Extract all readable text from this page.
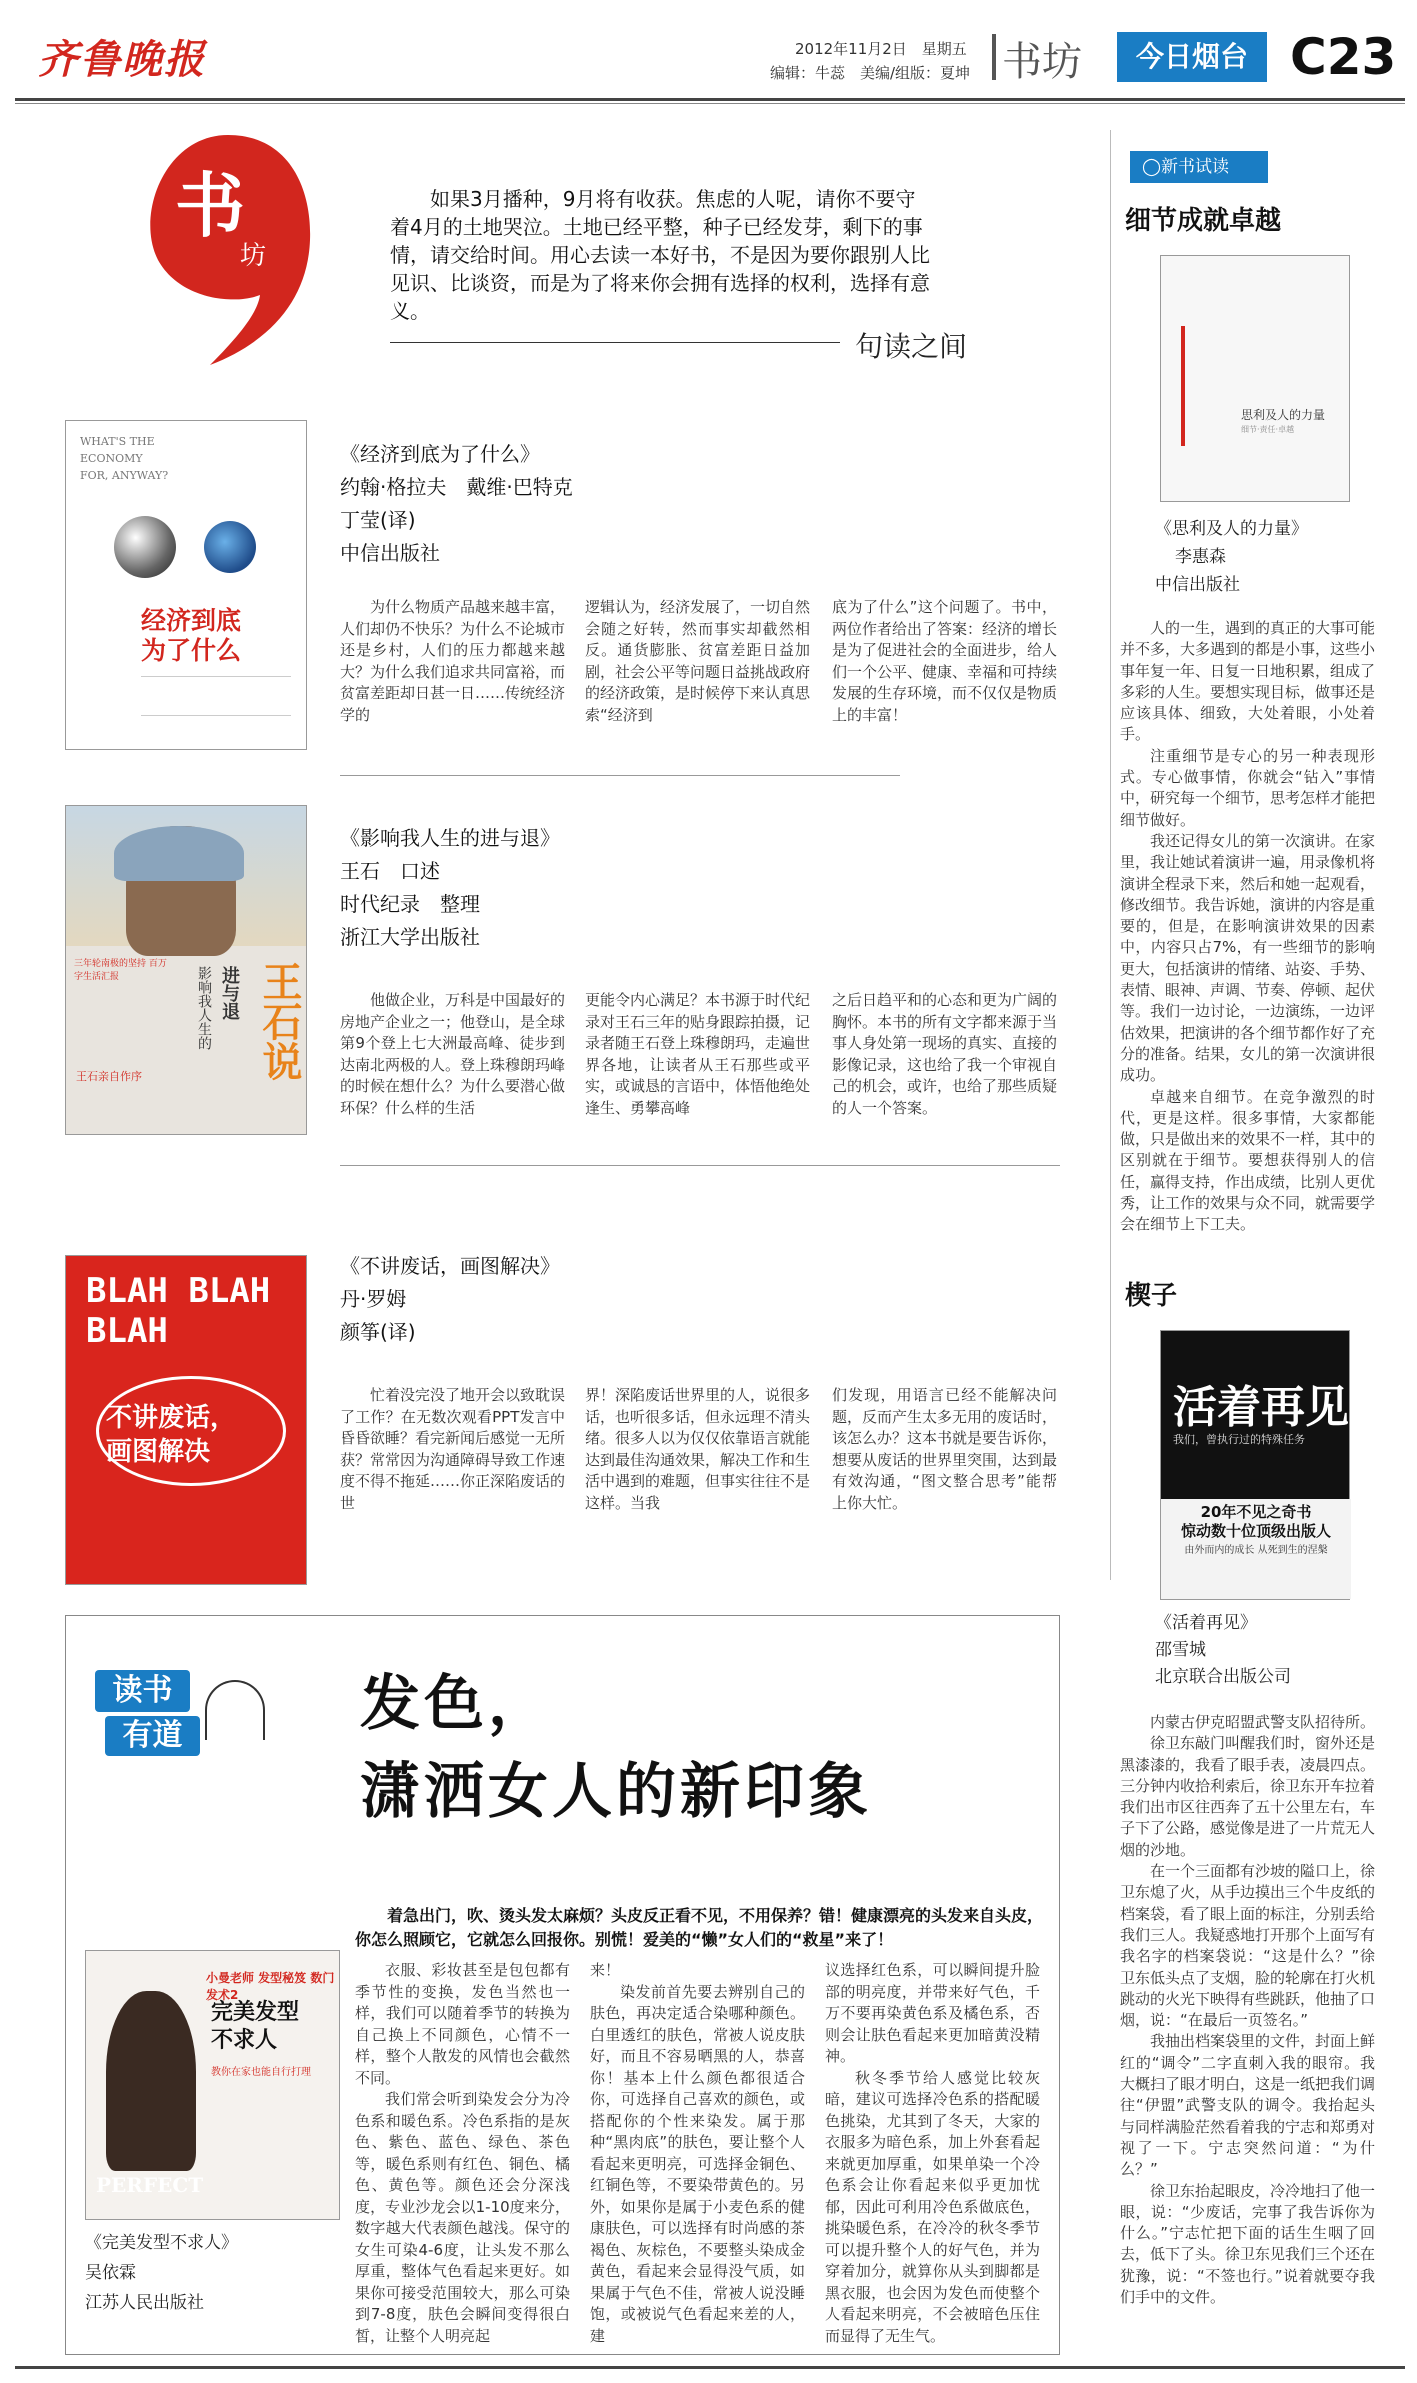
齐鲁晚报	2012年11月2日　星期五
编辑：牛蕊　美编/组版：夏坤 书坊	今日烟台 C23
书
坊
如果3月播种，9月将有收获。焦虑的人呢，请你不要守着4月的土地哭泣。土地已经平整，种子已经发芽，剩下的事情，请交给时间。用心去读一本好书，不是因为要你跟别人比见识、比谈资，而是为了将来你会拥有选择的权利，选择有意义。
句读之间
WHAT'S THE
ECONOMY
FOR, ANYWAY?
经济到底
为了什么
《经济到底为了什么》
约翰·格拉夫　戴维·巴特克
丁莹(译)
中信出版社
为什么物质产品越来越丰富，人们却仍不快乐？为什么不论城市还是乡村，人们的压力都越来越大？为什么我们追求共同富裕，而贫富差距却日甚一日……传统经济学的
逻辑认为，经济发展了，一切自然会随之好转，然而事实却截然相反。通货膨胀、贫富差距日益加剧，社会公平等问题日益挑战政府的经济政策，是时候停下来认真思索“经济到
底为了什么”这个问题了。书中，两位作者给出了答案：经济的增长是为了促进社会的全面进步，给人们一个公平、健康、幸福和可持续发展的生存环境，而不仅仅是物质上的丰富！
三年轮南极的坚持 百万字生活汇报	进与退
影响我人生的 王石说
王石亲自作序
《影响我人生的进与退》
王石　口述
时代纪录　整理
浙江大学出版社
他做企业，万科是中国最好的房地产企业之一；他登山，是全球第9个登上七大洲最高峰、徒步到达南北两极的人。登上珠穆朗玛峰的时候在想什么？为什么要潜心做环保？什么样的生活
更能令内心满足？本书源于时代纪录对王石三年的贴身跟踪拍摄，记录者随王石登上珠穆朗玛，走遍世界各地，让读者从王石那些或平实，或诚恳的言语中，体悟他绝处逢生、勇攀高峰
之后日趋平和的心态和更为广阔的胸怀。本书的所有文字都来源于当事人身处第一现场的真实、直接的影像记录，这也给了我一个审视自己的机会，或许，也给了那些质疑的人一个答案。
BLAH BLAH
BLAH
不讲废话，
画图解决
《不讲废话，画图解决》
丹·罗姆
颜筝(译)
忙着没完没了地开会以致耽误了工作？在无数次观看PPT发言中昏昏欲睡？看完新闻后感觉一无所获？常常因为沟通障碍导致工作速度不得不拖延……你正深陷废话的世
界！深陷废话世界里的人，说很多话，也听很多话，但永远理不清头绪。很多人以为仅仅依靠语言就能达到最佳沟通效果，解决工作和生活中遇到的难题，但事实往往不是这样。当我
们发现，用语言已经不能解决问题，反而产生太多无用的废话时，该怎么办？这本书就是要告诉你，想要从废话的世界里突围，达到最有效沟通，“图文整合思考”能帮上你大忙。
◯新书试读
细节成就卓越
思利及人的力量
细节·责任·卓越
《思利及人的力量》
李惠森
中信出版社

人的一生，遇到的真正的大事可能并不多，大多遇到的都是小事，这些小事年复一年、日复一日地积累，组成了多彩的人生。要想实现目标，做事还是应该具体、细致，大处着眼，小处着手。

注重细节是专心的另一种表现形式。专心做事情，你就会“钻入”事情中，研究每一个细节，思考怎样才能把细节做好。

我还记得女儿的第一次演讲。在家里，我让她试着演讲一遍，用录像机将演讲全程录下来，然后和她一起观看，修改细节。我告诉她，演讲的内容是重要的，但是，在影响演讲效果的因素中，内容只占7%，有一些细节的影响更大，包括演讲的情绪、站姿、手势、表情、眼神、声调、节奏、停顿、起伏等。我们一边讨论，一边演练，一边评估效果，把演讲的各个细节都作好了充分的准备。结果，女儿的第一次演讲很成功。

卓越来自细节。在竞争激烈的时代，更是这样。很多事情，大家都能做，只是做出来的效果不一样，其中的区别就在于细节。要想获得别人的信任，赢得支持，作出成绩，比别人更优秀，让工作的效果与众不同，就需要学会在细节上下工夫。

楔子
活着再见
我们，曾执行过的特殊任务
20年不见之奇书
惊动数十位顶级出版人
由外而内的成长 从死到生的涅槃
《活着再见》
邵雪城
北京联合出版公司

内蒙古伊克昭盟武警支队招待所。

徐卫东敲门叫醒我们时，窗外还是黑漆漆的，我看了眼手表，凌晨四点。三分钟内收拾利索后，徐卫东开车拉着我们出市区往西奔了五十公里左右，车子下了公路，感觉像是进了一片荒无人烟的沙地。

在一个三面都有沙坡的隘口上，徐卫东熄了火，从手边摸出三个牛皮纸的档案袋，看了眼上面的标注，分别丢给我们三人。我疑惑地打开那个上面写有我名字的档案袋说：“这是什么？”徐卫东低头点了支烟，脸的轮廓在打火机跳动的火光下映得有些跳跃，他抽了口烟，说：“在最后一页签名。”

我抽出档案袋里的文件，封面上鲜红的“调令”二字直刺入我的眼帘。我大概扫了眼才明白，这是一纸把我们调往“伊盟”武警支队的调令。我抬起头与同样满脸茫然看着我的宁志和郑勇对视了一下。宁志突然问道：“为什么？”

徐卫东抬起眼皮，冷冷地扫了他一眼，说：“少废话，完事了我告诉你为什么。”宁志忙把下面的话生生咽了回去，低下了头。徐卫东见我们三个还在犹豫，说：“不签也行。”说着就要夺我们手中的文件。

读书
有道	发色，
潇洒女人的新印象
着急出门，吹、烫头发太麻烦？头皮反正看不见，不用保养？错！健康漂亮的头发来自头皮，你怎么照顾它，它就怎么回报你。别慌！爱美的“懒”女人们的“救星”来了！
小曼老师 发型秘笈 数门发术2
完美发型
不求人
教你在家也能自行打理
PERFECT
《完美发型不求人》
吴依霖
江苏人民出版社

衣服、彩妆甚至是包包都有季节性的变换，发色当然也一样，我们可以随着季节的转换为自己换上不同颜色，心情不一样，整个人散发的风情也会截然不同。

我们常会听到染发会分为冷色系和暖色系。冷色系指的是灰色、紫色、蓝色、绿色、茶色等，暖色系则有红色、铜色、橘色、黄色等。颜色还会分深浅度，专业沙龙会以1-10度来分，数字越大代表颜色越浅。保守的女生可染4-6度，让头发不那么厚重，整体气色看起来更好。如果你可接受范围较大，那么可染到7-8度，肤色会瞬间变得很白皙，让整个人明亮起

来！

染发前首先要去辨别自己的肤色，再决定适合染哪种颜色。白里透红的肤色，常被人说皮肤好，而且不容易晒黑的人，恭喜你！基本上什么颜色都很适合你，可选择自己喜欢的颜色，或搭配你的个性来染发。属于那种“黑肉底”的肤色，要让整个人看起来更明亮，可选择金铜色、红铜色等，不要染带黄色的。另外，如果你是属于小麦色系的健康肤色，可以选择有时尚感的茶褐色、灰棕色，不要整头染成金黄色，看起来会显得没气质，如果属于气色不佳，常被人说没睡饱，或被说气色看起来差的人，建

议选择红色系，可以瞬间提升脸部的明亮度，并带来好气色，千万不要再染黄色系及橘色系，否则会让肤色看起来更加暗黄没精神。

秋冬季节给人感觉比较灰暗，建议可选择冷色系的搭配暖色挑染，尤其到了冬天，大家的衣服多为暗色系，加上外套看起来就更加厚重，如果单染一个冷色系会让你看起来似乎更加忧郁，因此可利用冷色系做底色，挑染暖色系，在冷冷的秋冬季节可以提升整个人的好气色，并为穿着加分，就算你从头到脚都是黑衣服，也会因为发色而使整个人看起来明亮，不会被暗色压住而显得了无生气。
